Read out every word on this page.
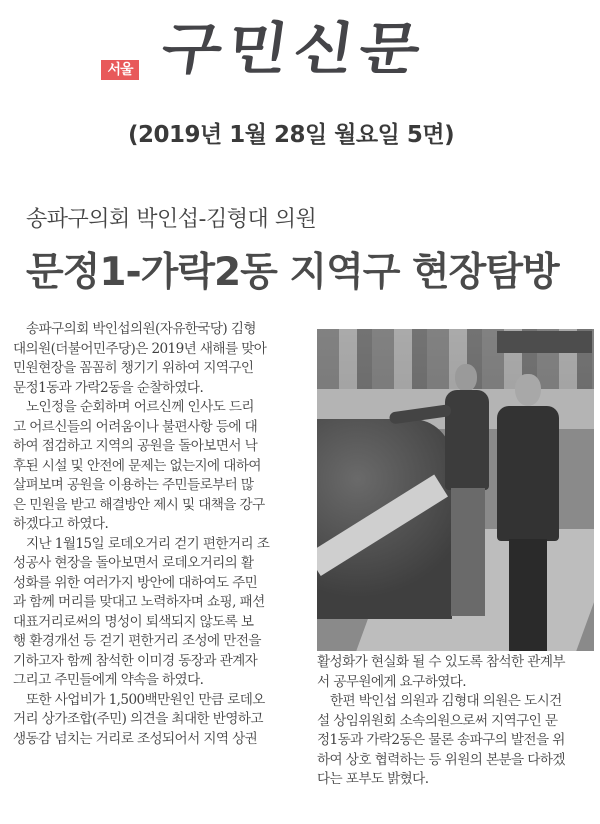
서울 구민신문
(2019년 1월 28일 월요일 5면)
송파구의회 박인섭-김형대 의원
문정1-가락2동 지역구 현장탐방
　송파구의회 박인섭의원(자유한국당) 김형
대의원(더불어민주당)은 2019년 새해를 맞아
민원현장을 꼼꼼히 챙기기 위하여 지역구인
문정1동과 가락2동을 순찰하였다.
　노인정을 순회하며 어르신께 인사도 드리
고 어르신들의 어려움이나 불편사항 등에 대
하여 점검하고 지역의 공원을 돌아보면서 낙
후된 시설 및 안전에 문제는 없는지에 대하여
살펴보며 공원을 이용하는 주민들로부터 많
은 민원을 받고 해결방안 제시 및 대책을 강구
하겠다고 하였다.
　지난 1월15일 로데오거리 걷기 편한거리 조
성공사 현장을 돌아보면서 로데오거리의 활
성화를 위한 여러가지 방안에 대하여도 주민
과 함께 머리를 맞대고 노력하자며 쇼핑, 패션
대표거리로써의 명성이 퇴색되지 않도록 보
행 환경개선 등 걷기 편한거리 조성에 만전을
기하고자 함께 참석한 이미경 동장과 관계자
그리고 주민들에게 약속을 하였다.
　또한 사업비가 1,500백만원인 만큼 로데오
거리 상가조합(주민) 의견을 최대한 반영하고
생동감 넘치는 거리로 조성되어서 지역 상권
활성화가 현실화 될 수 있도록 참석한 관계부
서 공무원에게 요구하였다.
　한편 박인섭 의원과 김형대 의원은 도시건
설 상임위원회 소속의원으로써 지역구인 문
정1동과 가락2동은 물론 송파구의 발전을 위
하여 상호 협력하는 등 위원의 본분을 다하겠
다는 포부도 밝혔다.
